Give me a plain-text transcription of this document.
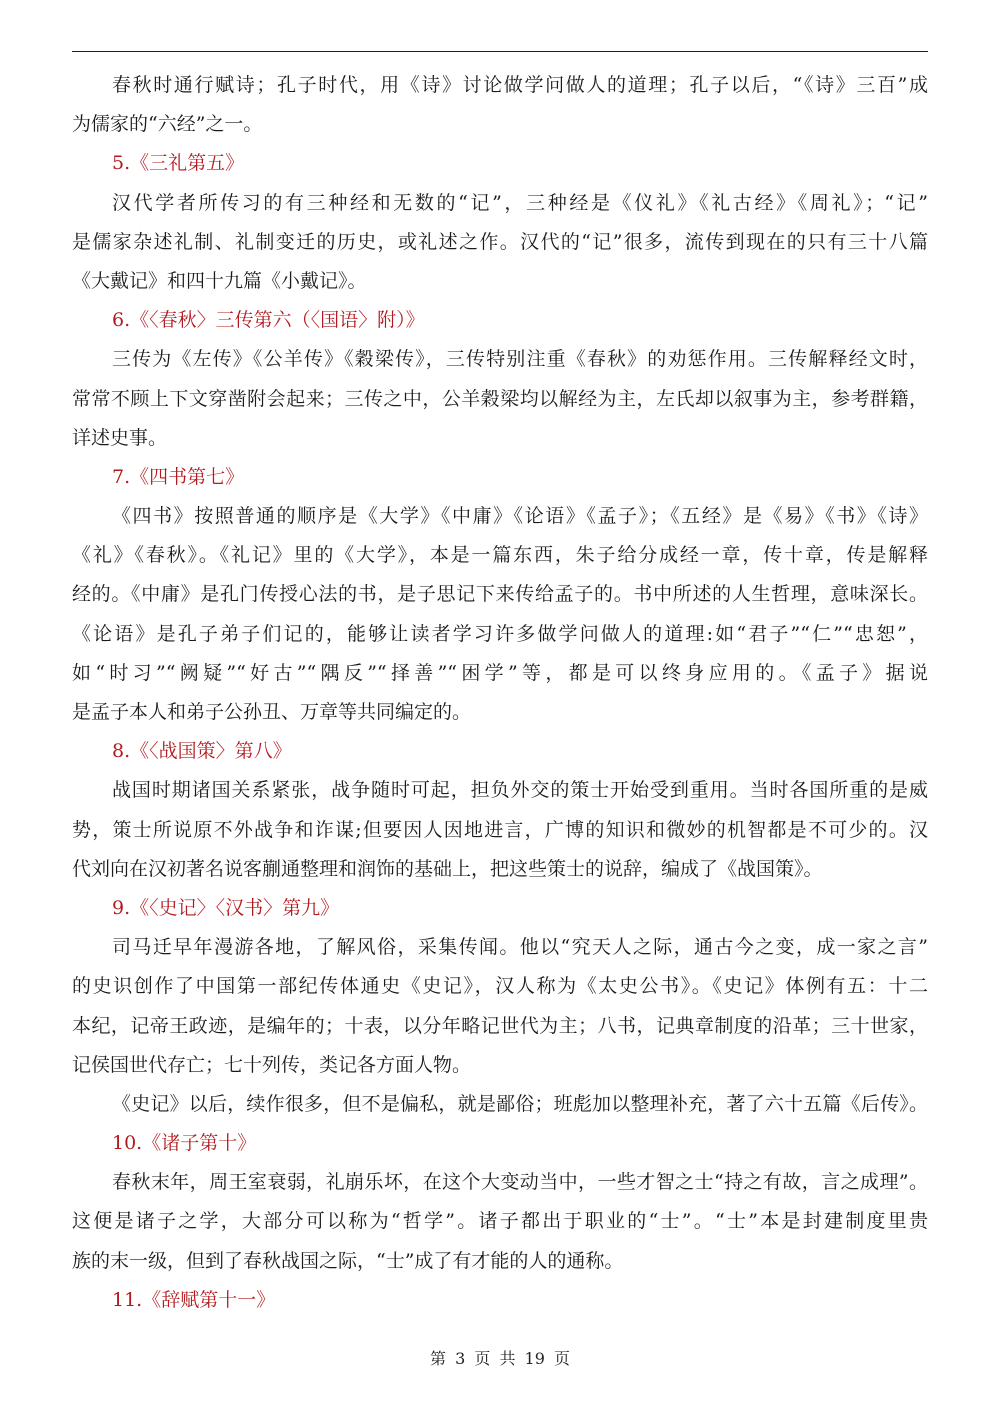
春秋时通行赋诗；孔子时代，用《诗》讨论做学问做人的道理；孔子以后，“《诗》三百”成
为儒家的“六经”之一。
5.《三礼第五》
汉代学者所传习的有三种经和无数的“记”，三种经是《仪礼》《礼古经》《周礼》；“记”
是儒家杂述礼制、礼制变迁的历史，或礼述之作。汉代的“记”很多，流传到现在的只有三十八篇
《大戴记》和四十九篇《小戴记》。
6.《〈春秋〉三传第六（〈国语〉附）》
三传为《左传》《公羊传》《穀梁传》，三传特别注重《春秋》的劝惩作用。三传解释经文时，
常常不顾上下文穿凿附会起来；三传之中，公羊穀梁均以解经为主，左氏却以叙事为主，参考群籍，
详述史事。
7.《四书第七》
《四书》按照普通的顺序是《大学》《中庸》《论语》《孟子》；《五经》是《易》《书》《诗》
《礼》《春秋》。《礼记》里的《大学》，本是一篇东西，朱子给分成经一章，传十章，传是解释
经的。《中庸》是孔门传授心法的书，是子思记下来传给孟子的。书中所述的人生哲理，意味深长。
《论语》是孔子弟子们记的，能够让读者学习许多做学问做人的道理:如“君子”“仁”“忠恕”，
如“时习”“阙疑”“好古”“隅反”“择善”“困学”等，都是可以终身应用的。《孟子》据说
是孟子本人和弟子公孙丑、万章等共同编定的。
8.《〈战国策〉第八》
战国时期诸国关系紧张，战争随时可起，担负外交的策士开始受到重用。当时各国所重的是威
势，策士所说原不外战争和诈谋;但要因人因地进言，广博的知识和微妙的机智都是不可少的。汉
代刘向在汉初著名说客蒯通整理和润饰的基础上，把这些策士的说辞，编成了《战国策》。
9.《〈史记〉〈汉书〉第九》
司马迁早年漫游各地，了解风俗，采集传闻。他以“究天人之际，通古今之变，成一家之言”
的史识创作了中国第一部纪传体通史《史记》，汉人称为《太史公书》。《史记》体例有五：十二
本纪，记帝王政迹，是编年的；十表，以分年略记世代为主；八书，记典章制度的沿革；三十世家，
记侯国世代存亡；七十列传，类记各方面人物。
《史记》以后，续作很多，但不是偏私，就是鄙俗；班彪加以整理补充，著了六十五篇《后传》。
10.《诸子第十》
春秋末年，周王室衰弱，礼崩乐坏，在这个大变动当中，一些才智之士“持之有故，言之成理”。
这便是诸子之学，大部分可以称为“哲学”。诸子都出于职业的“士”。“士”本是封建制度里贵
族的末一级，但到了春秋战国之际，“士”成了有才能的人的通称。
11.《辞赋第十一》
第 3 页 共 19 页
